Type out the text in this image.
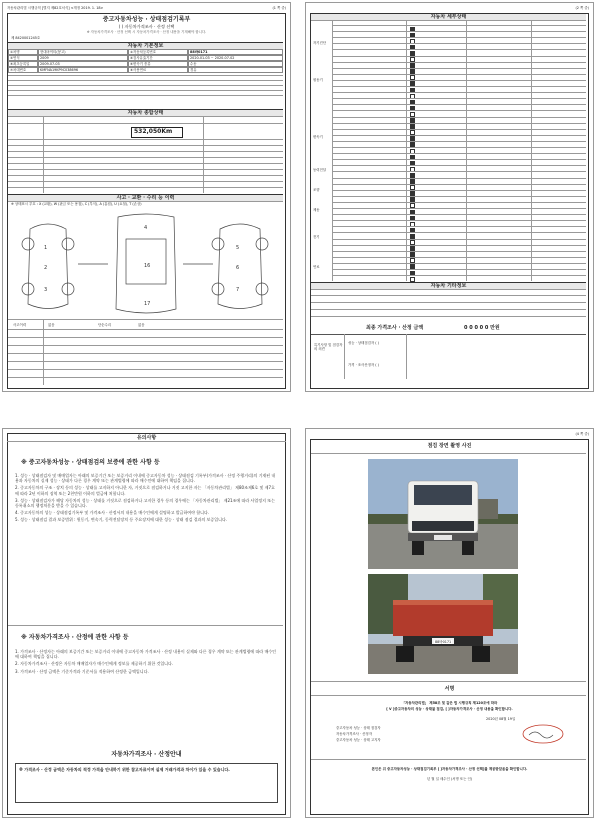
자동차관리법 시행규칙 [별지 제82호서식] <개정 2019. 1. 18>	(1 쪽 중)
중고자동차성능 · 상태점검기록부
( ) 자동차가격조사 · 산정 선택
※ 자동차가격조사 · 산정 선택 시 자동차가격조사 · 산정 내용을 기재해야 합니다.
제 8420001245호
자동차 기본정보
①차명	현대마이티(봉고)	②자동차등록번호	88바0171
③연식	2009	④검사유효기간	2020-01-03 ~ 2020-07-02
⑤최초등록일	2009-07-03	⑥변속기 종류	수동
⑦차대번호	KMFNA19KP9C038696	⑧사용연료	경유
자동차 종합상태
532,050Km
사고 · 교환 · 수리 등 이력
※ 상태표시 부호 : X (교환), W (판금 또는 용접), C (부식), A (흠집), U (요철), T (손상)
1
2
3
4
16
17
5
6
7
사고이력	없음	단순수리	없음
(2 쪽 중)
자동차 세부상태
자기진단
원동기
변속기
동력전달
조향
제동
전기
연료
자동차 기타정보
최종 가격조사 · 산정 금액	0 0 0 0 0 만원
특기사항 및 점검자의 의견
성능 · 상태점검자 ( )
가격 · 조사산정자 ( )
유의사항
※ 중고자동차성능 · 상태점검의 보증에 관한 사항 등

1. 성능 · 상태점검자 및 매매업자는 아래의 보증기간 또는 보증거리 이내에 중고자동차 성능 · 상태점검 기록부(가격조사 · 산정 주행거리)의 기재된 내용과 자동차의 실제 성능 · 상태가 다른 경우 계약 또는 관계법령에 따라 매수인에 대하여 책임을 집니다.

2. 중고자동차의 구조 · 장치 등의 성능 · 상태를 고지하지 아니한 자, 거짓으로 점검하거나 거짓 고지한 자는 「자동차관리법」 제80조제6호 및 제7호에 따라 2년 이하의 징역 또는 2천만원 이하의 벌금에 처합니다.

3. 성능 · 상태점검자가 해당 자동차의 성능 · 상태를 거짓으로 점검하거나 고지한 경우 등의 경우에는 「자동차관리법」 제21조에 따라 사업정지 또는 등록취소의 행정처분을 받을 수 있습니다.

4. 중고자동차의 성능 · 상태점검기록부 및 가격조사 · 산정서의 내용을 매수인에게 설명하고 발급하여야 합니다.

5. 성능 · 상태점검 결과 보증범위 : 원동기, 변속기, 동력전달장치 등 주요장치에 대한 성능 · 상태 점검 결과의 보증입니다.

※ 자동차가격조사 · 산정에 관한 사항 등

1. 가격조사 · 산정자는 아래의 보증기간 또는 보증거리 이내에 중고자동차 가격조사 · 산정 내용이 실제와 다른 경우 계약 또는 관계법령에 따라 매수인에 대하여 책임을 집니다.

2. 자동차가격조사 · 산정은 자동차 매매업자가 매수인에게 정보를 제공하기 위한 것입니다.

3. 가격조사 · 산정 금액은 기준가격과 기준서를 적용하여 산정한 금액입니다.

자동차가격조사 · 산정안내
※ 가격조사 · 산정 금액은 자동차의 적정 가격을 안내하기 위한 참고자료이며 실제 거래가격과 차이가 있을 수 있습니다.
(4 쪽 중)
점검 장면 촬영 사진
88바0171
서명
「자동차관리법」 제58조 및 같은 법 시행규칙 제120조에 따라
[ V ]중고자동차의 성능 · 상태를 점검, [ ]자동차가격조사 · 산정 내용을 확인합니다.
2020년 08월 19일
중고자동차 성능 · 상태 점검자
자동차가격조사 · 산정자
중고자동차 성능 · 상태 고지자
본인은 위 중고자동차성능 · 상태점검기록부 [ ]자동차가격조사 · 산정 선택]를 제공받았음을 확인합니다.
년 월 일 매수인 (서명 또는 인)
